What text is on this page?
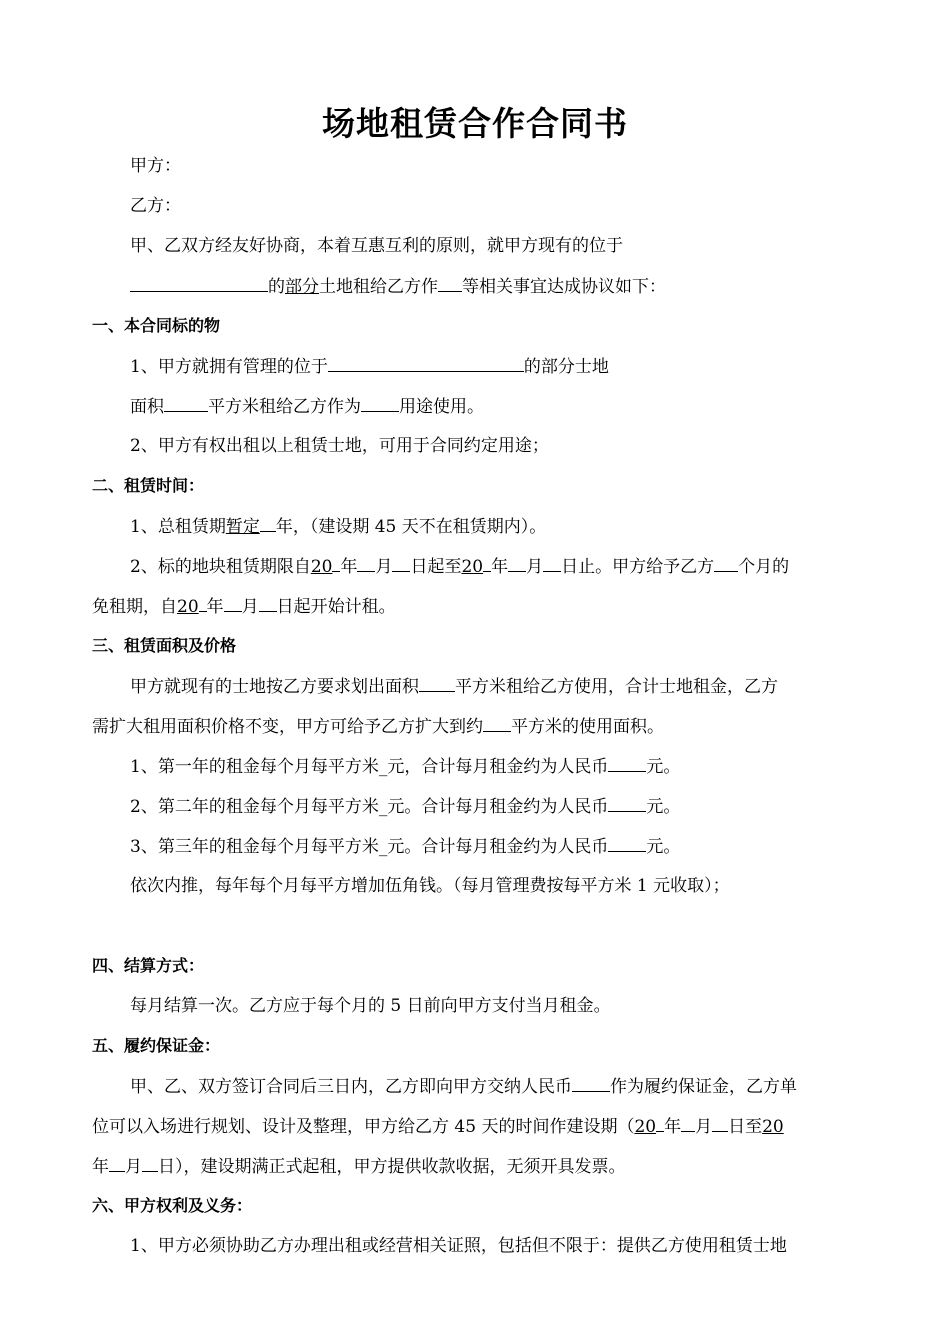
场地租赁合作合同书
甲方：
乙方：
甲、乙双方经友好协商，本着互惠互利的原则，就甲方现有的位于
的部分土地租给乙方作 等相关事宜达成协议如下：
一、本合同标的物
1、甲方就拥有管理的位于	的部分士地
面积	平方米租给乙方作为 用途使用。
2、甲方有权出租以上租赁士地，可用于合同约定用途；
二、租赁时间：
1、总租赁期暂定 年，（建设期 45 天不在租赁期内）。
2、标的地块租赁期限自20 年 月 日起至20 年 月 日止。甲方给予乙方 个月的
免租期，自20 年 月 日起开始计租。
三、租赁面积及价格
甲方就现有的士地按乙方要求划出面积 平方米租给乙方使用，合计士地租金，乙方
需扩大租用面积价格不变，甲方可给予乙方扩大到约 平方米的使用面积。
1、第一年的租金每个月每平方米_元，合计每月租金约为人民币 元。
2、第二年的租金每个月每平方米_元。合计每月租金约为人民币 元。
3、第三年的租金每个月每平方米_元。合计每月租金约为人民币 元。
依次内推，每年每个月每平方增加伍角钱。（每月管理费按每平方米 1 元收取）；
四、结算方式：
每月结算一次。乙方应于每个月的 5 日前向甲方支付当月租金。
五、履约保证金：
甲、乙、双方签订合同后三日内，乙方即向甲方交纳人民币 作为履约保证金，乙方单
位可以入场进行规划、设计及整理，甲方给乙方 45 天的时间作建设期（20 年 月 日至20
年 月 日），建设期满正式起租，甲方提供收款收据，无须开具发票。
六、甲方权利及义务：
1、甲方必须协助乙方办理出租或经营相关证照，包括但不限于：提供乙方使用租赁士地
